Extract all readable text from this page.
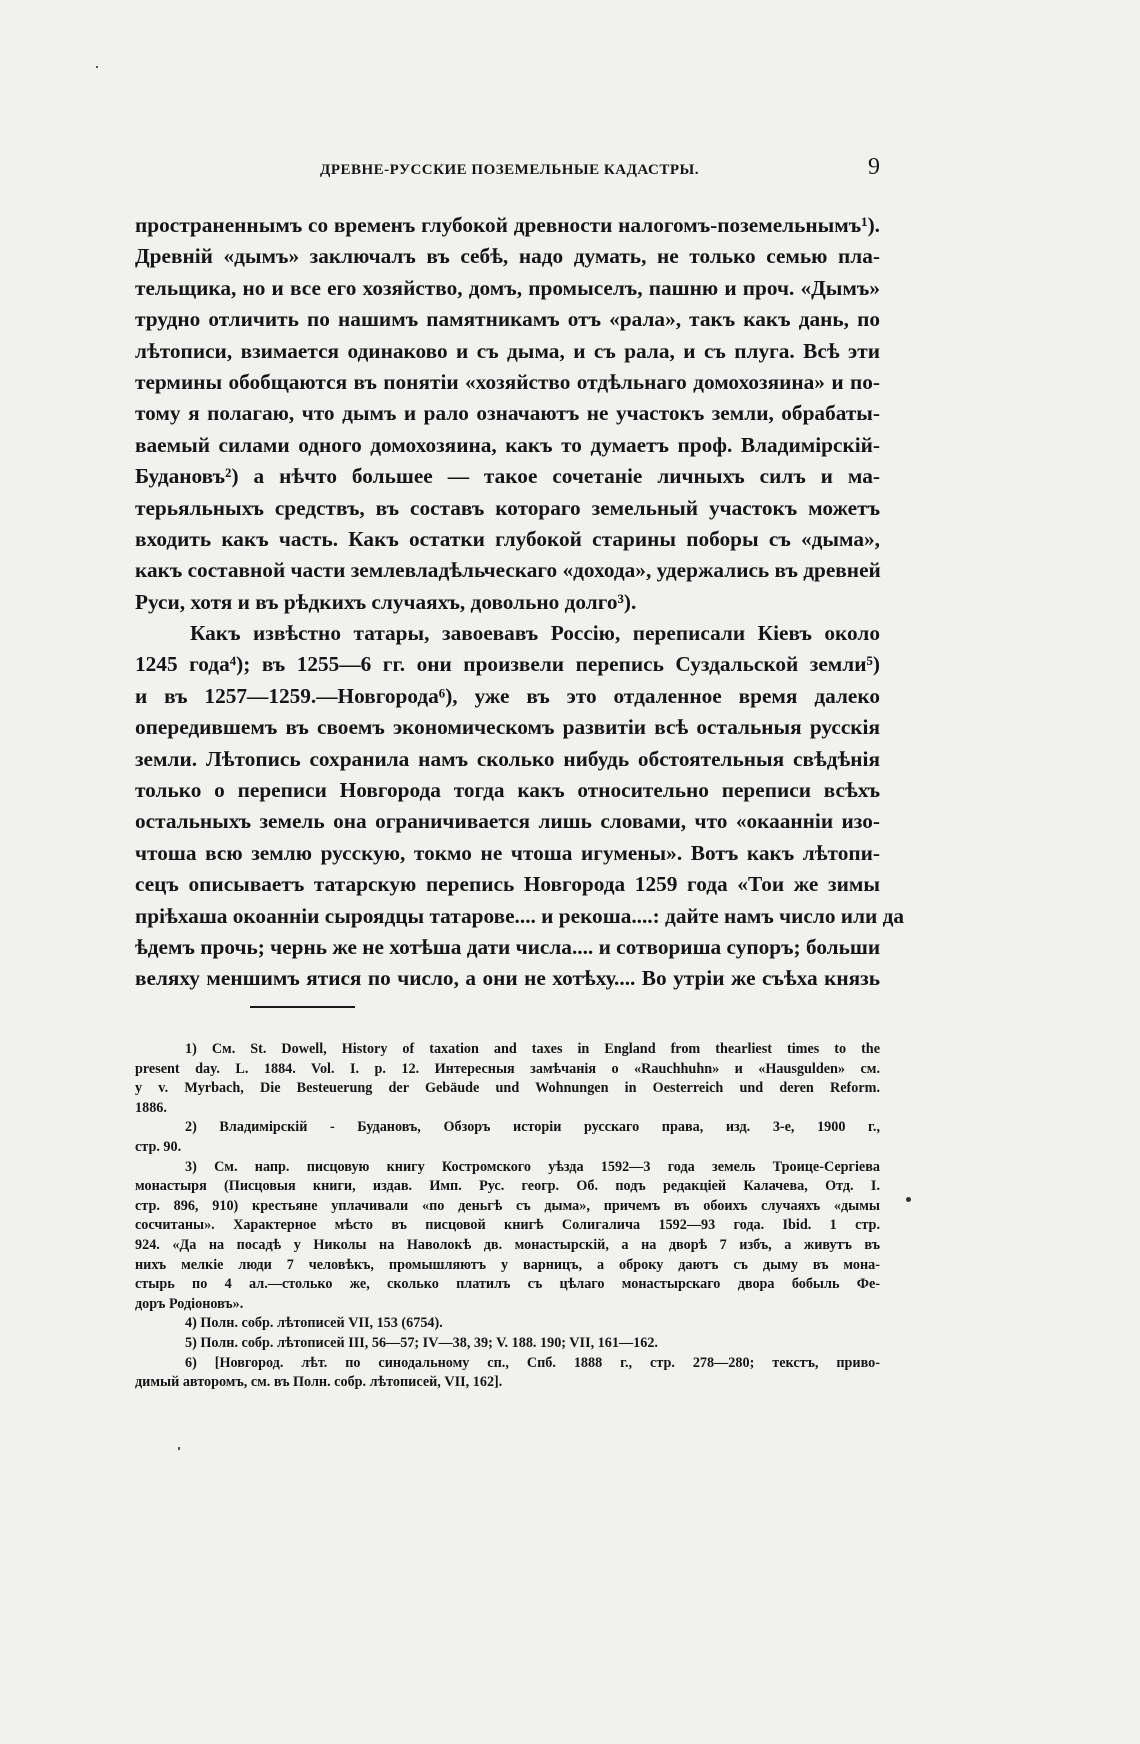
ДРЕВНЕ-РУССКИЕ ПОЗЕМЕЛЬНЫЕ КАДАСТРЫ.	9
пространеннымъ со временъ глубокой древности налогомъ-поземельнымъ¹).
Древній «дымъ» заключалъ въ себѣ, надо думать, не только семью пла-
тельщика, но и все его хозяйство, домъ, промыселъ, пашню и проч. «Дымъ»
трудно отличить по нашимъ памятникамъ отъ «рала», такъ какъ дань, по
лѣтописи, взимается одинаково и съ дыма, и съ рала, и съ плуга. Всѣ эти
термины обобщаются въ понятіи «хозяйство отдѣльнаго домохозяина» и по-
тому я полагаю, что дымъ и рало означаютъ не участокъ земли, обрабаты-
ваемый силами одного домохозяина, какъ то думаетъ проф. Владимірскій-
Будановъ²) а нѣчто большее — такое сочетаніе личныхъ силъ и ма-
терьяльныхъ средствъ, въ составъ котораго земельный участокъ можетъ
входить какъ часть. Какъ остатки глубокой старины поборы съ «дыма»,
какъ составной части землевладѣльческаго «дохода», удержались въ древней
Руси, хотя и въ рѣдкихъ случаяхъ, довольно долго³).
Какъ извѣстно татары, завоевавъ Россію, переписали Кіевъ около
1245 года⁴); въ 1255—6 гг. они произвели перепись Суздальской земли⁵)
и въ 1257—1259.—Новгорода⁶), уже въ это отдаленное время далеко
опередившемъ въ своемъ экономическомъ развитіи всѣ остальныя русскія
земли. Лѣтопись сохранила намъ сколько нибудь обстоятельныя свѣдѣнія
только о переписи Новгорода тогда какъ относительно переписи всѣхъ
остальныхъ земель она ограничивается лишь словами, что «окаанніи изо-
чтоша всю землю русскую, токмо не чтоша игумены». Вотъ какъ лѣтопи-
сецъ описываетъ татарскую перепись Новгорода 1259 года «Тои же зимы
пріѣхаша окоанніи сыроядцы татарове.... и рекоша....: дайте намъ число или да
ѣдемъ прочь; чернь же не хотѣша дати числа.... и сотвориша супоръ; больши
веляху меншимъ ятися по число, а они не хотѣху.... Во утріи же съѣха князь
1) См. St. Dowell, History of taxation and taxes in England from thearliest times to the
present day. L. 1884. Vol. I. p. 12. Интересныя замѣчанія о «Rauchhuhn» и «Hausgulden» см.
y v. Myrbach, Die Besteuerung der Gebäude und Wohnungen in Oesterreich und deren Reform.
1886.
2) Владимірскій - Будановъ, Обзоръ исторіи русскаго права, изд. 3-е, 1900 г.,
стр. 90.
3) См. напр. писцовую книгу Костромского уѣзда 1592—3 года земель Троице-Сергіева
монастыря (Писцовыя книги, издав. Имп. Рус. геогр. Об. подъ редакціей Калачева, Отд. I.
стр. 896, 910) крестьяне уплачивали «по деньгѣ съ дыма», причемъ въ обоихъ случаяхъ «дымы
сосчитаны». Характерное мѣсто въ писцовой книгѣ Солигалича 1592—93 года. Ibid. 1 стр.
924. «Да на посадѣ у Николы на Наволокѣ дв. монастырскій, а на дворѣ 7 избъ, а живутъ въ
нихъ мелкіе люди 7 человѣкъ, промышляютъ у варницъ, а оброку даютъ съ дыму въ мона-
стырь по 4 ал.—столько же, сколько платилъ съ цѣлаго монастырскаго двора бобыль Фе-
доръ Родіоновъ».
4) Полн. собр. лѣтописей VII, 153 (6754).
5) Полн. собр. лѣтописей III, 56—57; IV—38, 39; V. 188. 190; VII, 161—162.
6) [Новгород. лѣт. по синодальному сп., Спб. 1888 г., стр. 278—280; текстъ, приво-
димый авторомъ, см. въ Полн. собр. лѣтописей, VII, 162].
